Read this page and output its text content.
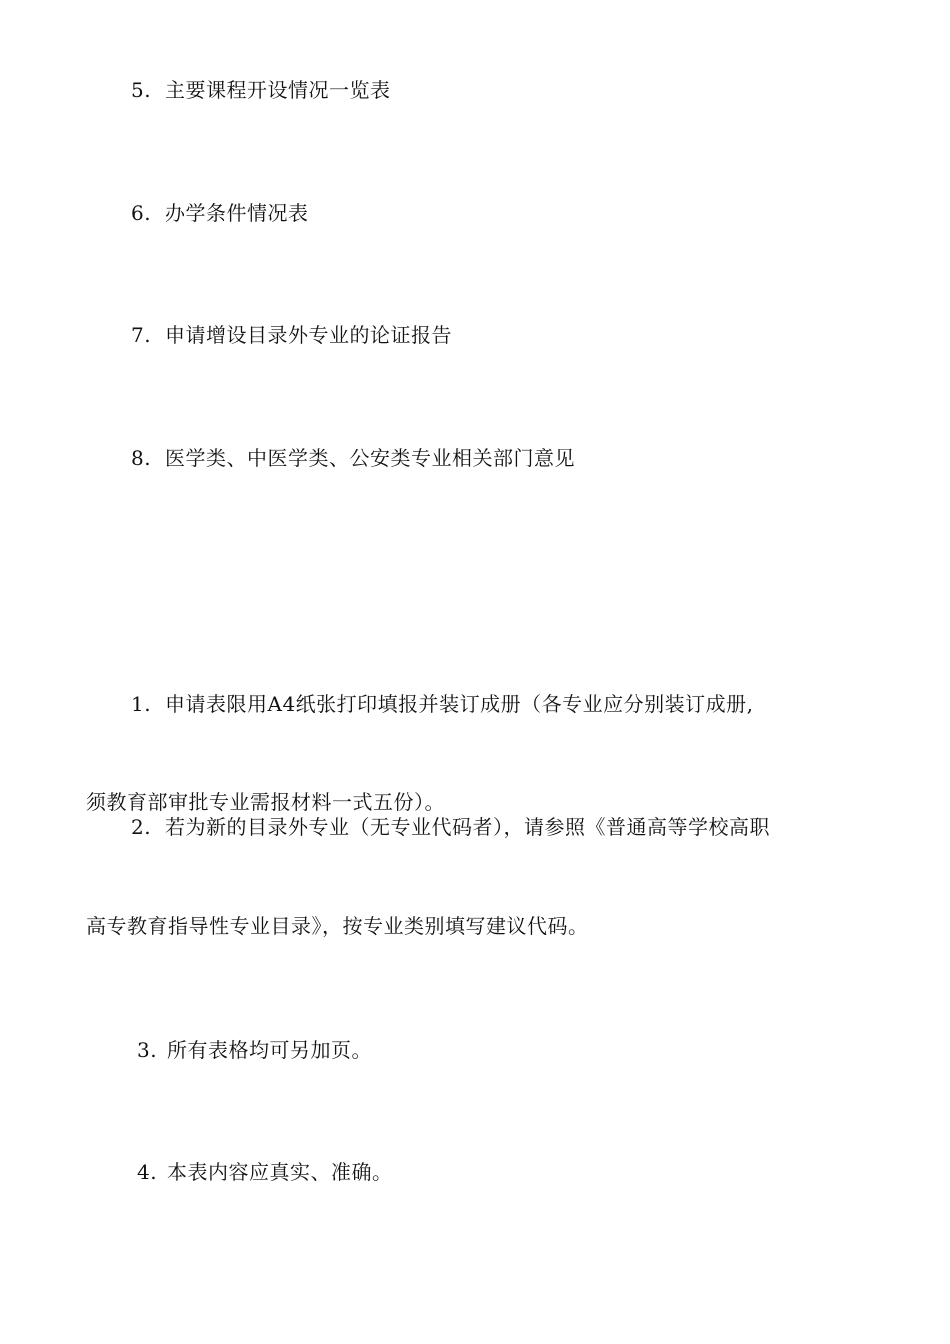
5. 主要课程开设情况一览表
6. 办学条件情况表
7. 申请增设目录外专业的论证报告
8. 医学类、中医学类、公安类专业相关部门意见
1. 申请表限用A4纸张打印填报并装订成册（各专业应分别装订成册,
须教育部审批专业需报材料一式五份）。
2. 若为新的目录外专业（无专业代码者），请参照《普通高等学校高职
高专教育指导性专业目录》，按专业类别填写建议代码。
3. 所有表格均可另加页。
4. 本表内容应真实、准确。
